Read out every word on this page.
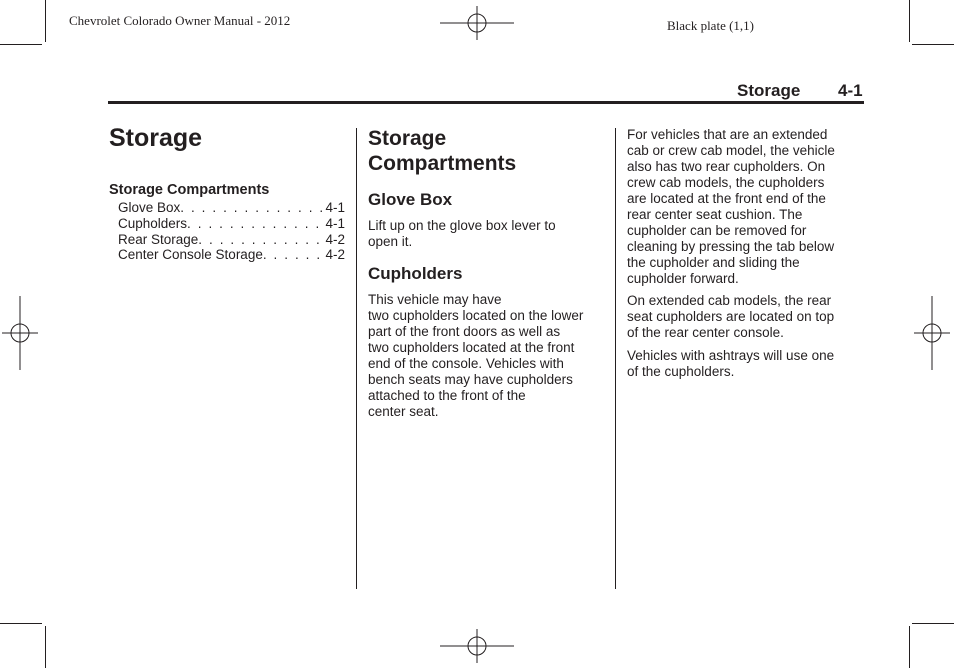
Chevrolet Colorado Owner Manual - 2012	Black plate (1,1)
Storage 4-1
Storage
Storage Compartments
Glove Box . . .	4-1
Cupholders . . .	4-1
Rear Storage . . .	4-2
Center Console Storage . . .	4-2
Storage
Compartments
Glove Box
Lift up on the glove box lever to
open it.
Cupholders
This vehicle may have
two cupholders located on the lower
part of the front doors as well as
two cupholders located at the front
end of the console. Vehicles with
bench seats may have cupholders
attached to the front of the
center seat.
For vehicles that are an extended
cab or crew cab model, the vehicle
also has two rear cupholders. On
crew cab models, the cupholders
are located at the front end of the
rear center seat cushion. The
cupholder can be removed for
cleaning by pressing the tab below
the cupholder and sliding the
cupholder forward.
On extended cab models, the rear
seat cupholders are located on top
of the rear center console.
Vehicles with ashtrays will use one
of the cupholders.
